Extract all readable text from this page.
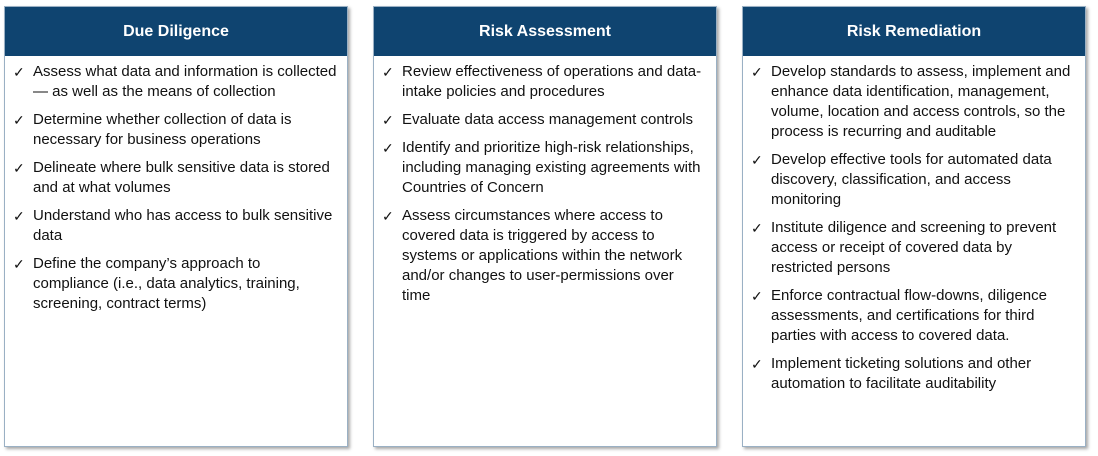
Due Diligence
✓ Assess what data and information is collected — as well as the means of collection
✓ Determine whether collection of data is necessary for business operations
✓ Delineate where bulk sensitive data is stored and at what volumes
✓ Understand who has access to bulk sensitive data
✓ Define the company’s approach to compliance (i.e., data analytics, training, screening, contract terms)
Risk Assessment
✓ Review effectiveness of operations and data-intake policies and procedures
✓ Evaluate data access management controls
✓ Identify and prioritize high-risk relationships, including managing existing agreements with Countries of Concern
✓ Assess circumstances where access to covered data is triggered by access to systems or applications within the network and/or changes to user-permissions over time
Risk Remediation
✓ Develop standards to assess, implement and enhance data identification, management, volume, location and access controls, so the process is recurring and auditable
✓ Develop effective tools for automated data discovery, classification, and access monitoring
✓ Institute diligence and screening to prevent access or receipt of covered data by restricted persons
✓ Enforce contractual flow-downs, diligence assessments, and certifications for third parties with access to covered data.
✓ Implement ticketing solutions and other automation to facilitate auditability
